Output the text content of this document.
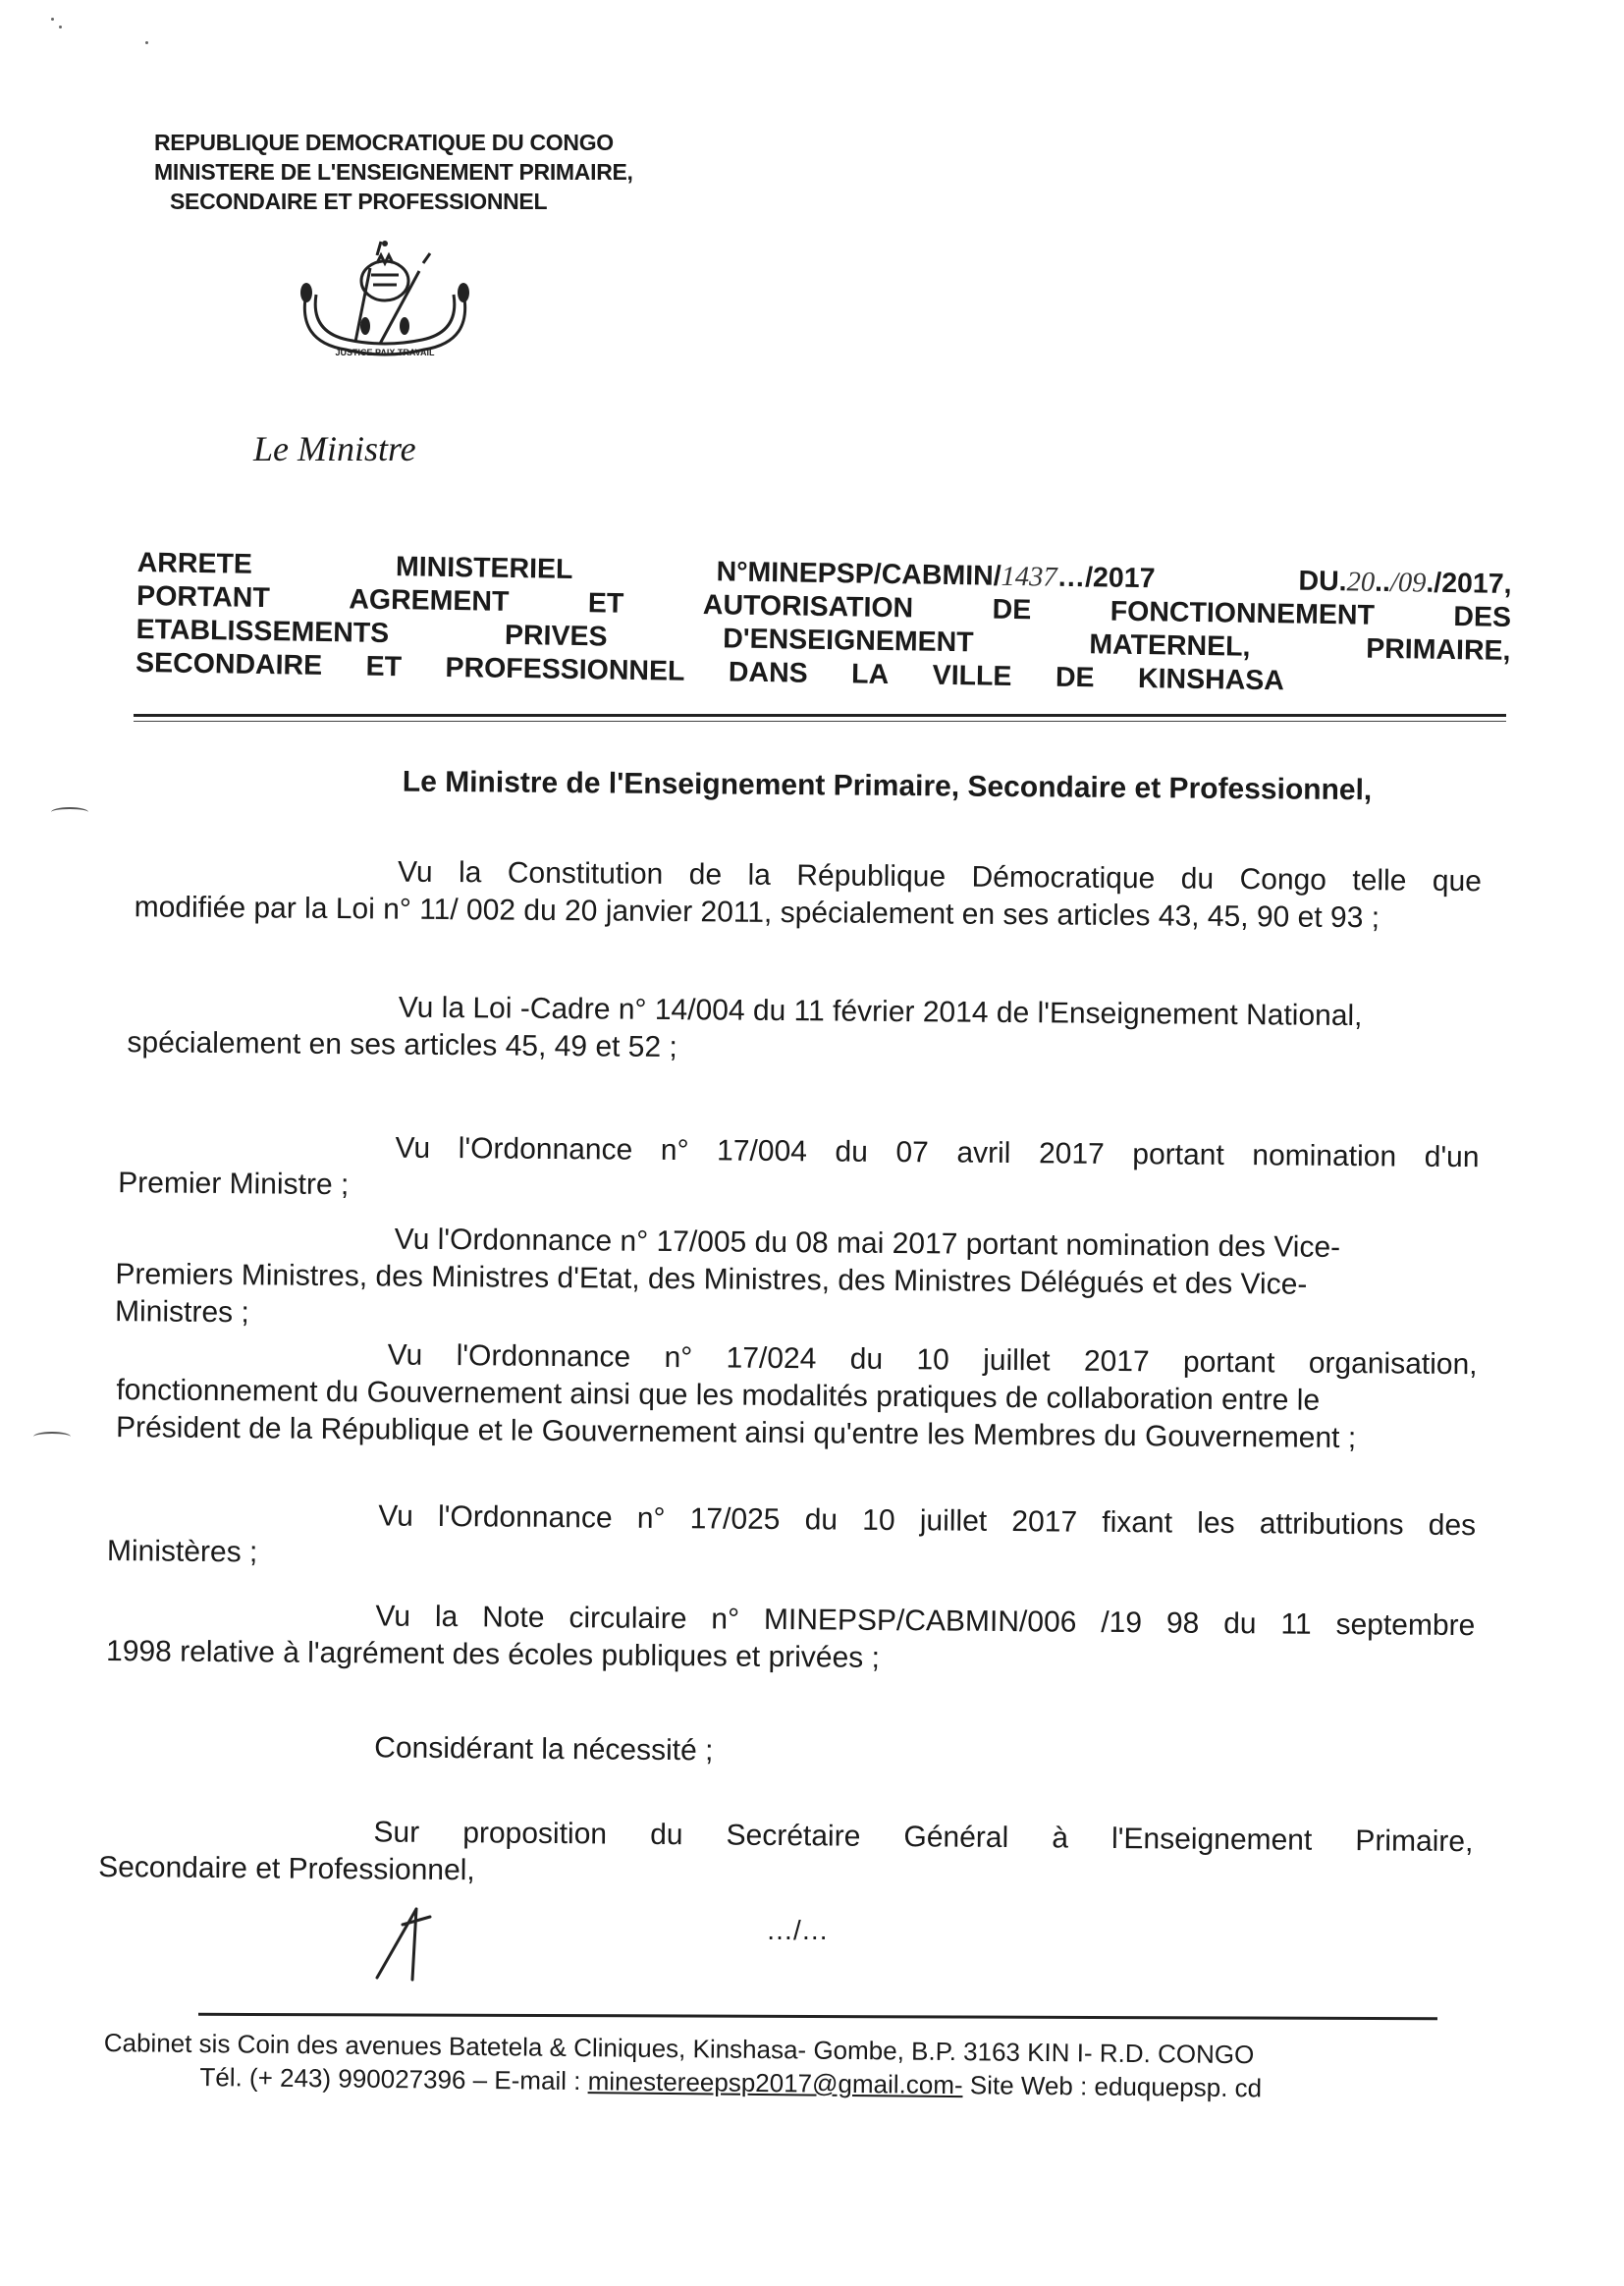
REPUBLIQUE DEMOCRATIQUE DU CONGO
MINISTERE DE L'ENSEIGNEMENT PRIMAIRE,
SECONDAIRE ET PROFESSIONNEL
JUSTICE PAIX TRAVAIL
Le Ministre
ARRETE	MINISTERIEL	N°MINEPSP/CABMIN/1437…/2017	DU.20../09./2017,
PORTANT	AGREMENT	ET	AUTORISATION	DE	FONCTIONNEMENT	DES
ETABLISSEMENTS	PRIVES	D'ENSEIGNEMENT	MATERNEL,	PRIMAIRE,
SECONDAIRE ET PROFESSIONNEL DANS LA VILLE DE KINSHASA
Le Ministre de l'Enseignement Primaire, Secondaire et Professionnel,
Vu la Constitution de la République Démocratique du Congo telle que
modifiée par la Loi n° 11/ 002 du 20 janvier 2011, spécialement en ses articles 43, 45, 90 et 93 ;
Vu la Loi -Cadre n° 14/004 du 11 février 2014 de l'Enseignement National,
spécialement en ses articles 45, 49 et 52 ;
Vu l'Ordonnance n° 17/004 du 07 avril 2017 portant nomination d'un
Premier Ministre ;
Vu l'Ordonnance n° 17/005 du 08 mai 2017 portant nomination des Vice-
Premiers Ministres, des Ministres d'Etat, des Ministres, des Ministres Délégués et des Vice-
Ministres ;
Vu l'Ordonnance n° 17/024 du 10 juillet 2017 portant organisation,
fonctionnement du Gouvernement ainsi que les modalités pratiques de collaboration entre le
Président de la République et le Gouvernement ainsi qu'entre les Membres du Gouvernement ;
Vu l'Ordonnance n° 17/025 du 10 juillet 2017 fixant les attributions des
Ministères ;
Vu la Note circulaire n° MINEPSP/CABMIN/006 /19 98 du 11 septembre
1998 relative à l'agrément des écoles publiques et privées ;
Considérant la nécessité ;
Sur proposition du Secrétaire Général à l'Enseignement Primaire,
Secondaire et Professionnel,
…/…
Cabinet sis Coin des avenues Batetela & Cliniques, Kinshasa- Gombe, B.P. 3163 KIN I- R.D. CONGO
Tél. (+ 243) 990027396 – E-mail : minestereepsp2017@gmail.com- Site Web : eduquepsp. cd
